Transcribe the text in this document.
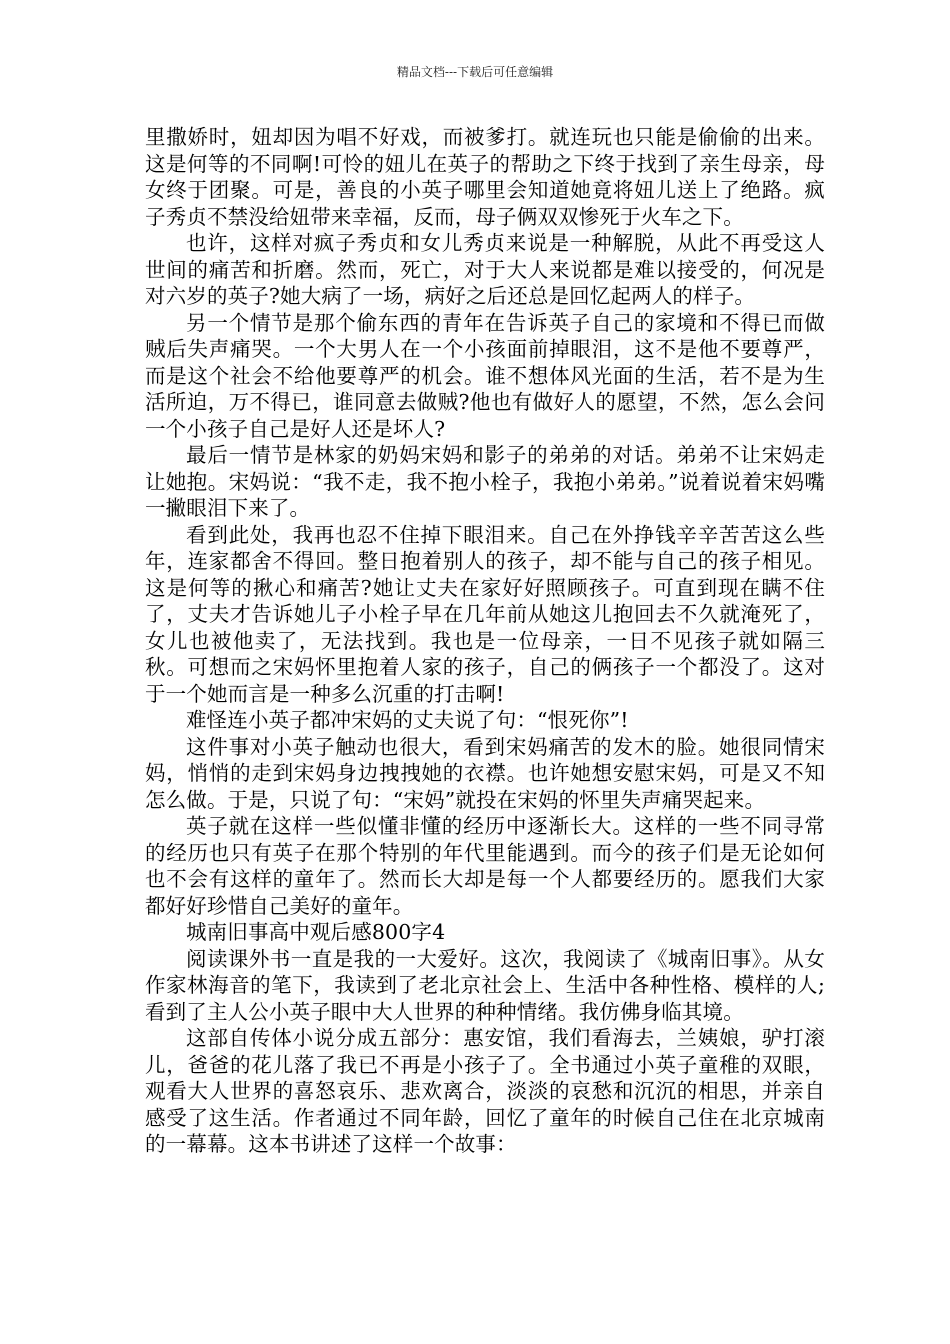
精品文档---下载后可任意编辑

里撒娇时，妞却因为唱不好戏，而被爹打。就连玩也只能是偷偷的出来。这是何等的不同啊!可怜的妞儿在英子的帮助之下终于找到了亲生母亲，母女终于团聚。可是，善良的小英子哪里会知道她竟将妞儿送上了绝路。疯子秀贞不禁没给妞带来幸福，反而，母子俩双双惨死于火车之下。

也许，这样对疯子秀贞和女儿秀贞来说是一种解脱，从此不再受这人世间的痛苦和折磨。然而，死亡，对于大人来说都是难以接受的，何况是对六岁的英子?她大病了一场，病好之后还总是回忆起两人的样子。

另一个情节是那个偷东西的青年在告诉英子自己的家境和不得已而做贼后失声痛哭。一个大男人在一个小孩面前掉眼泪，这不是他不要尊严，而是这个社会不给他要尊严的机会。谁不想体风光面的生活，若不是为生活所迫，万不得已，谁同意去做贼?他也有做好人的愿望，不然，怎么会问一个小孩子自己是好人还是坏人?

最后一情节是林家的奶妈宋妈和影子的弟弟的对话。弟弟不让宋妈走让她抱。宋妈说：“我不走，我不抱小栓子，我抱小弟弟。”说着说着宋妈嘴一撇眼泪下来了。

看到此处，我再也忍不住掉下眼泪来。自己在外挣钱辛辛苦苦这么些年，连家都舍不得回。整日抱着别人的孩子，却不能与自己的孩子相见。这是何等的揪心和痛苦?她让丈夫在家好好照顾孩子。可直到现在瞒不住了，丈夫才告诉她儿子小栓子早在几年前从她这儿抱回去不久就淹死了，女儿也被他卖了，无法找到。我也是一位母亲，一日不见孩子就如隔三秋。可想而之宋妈怀里抱着人家的孩子，自己的俩孩子一个都没了。这对于一个她而言是一种多么沉重的打击啊!

难怪连小英子都冲宋妈的丈夫说了句：“恨死你”!

这件事对小英子触动也很大，看到宋妈痛苦的发木的脸。她很同情宋妈，悄悄的走到宋妈身边拽拽她的衣襟。也许她想安慰宋妈，可是又不知怎么做。于是，只说了句：“宋妈”就投在宋妈的怀里失声痛哭起来。

英子就在这样一些似懂非懂的经历中逐渐长大。这样的一些不同寻常的经历也只有英子在那个特别的年代里能遇到。而今的孩子们是无论如何也不会有这样的童年了。然而长大却是每一个人都要经历的。愿我们大家都好好珍惜自己美好的童年。

城南旧事高中观后感800字4

阅读课外书一直是我的一大爱好。这次，我阅读了《城南旧事》。从女作家林海音的笔下，我读到了老北京社会上、生活中各种性格、模样的人;看到了主人公小英子眼中大人世界的种种情绪。我仿佛身临其境。

这部自传体小说分成五部分：惠安馆，我们看海去，兰姨娘，驴打滚儿，爸爸的花儿落了我已不再是小孩子了。全书通过小英子童稚的双眼，观看大人世界的喜怒哀乐、悲欢离合，淡淡的哀愁和沉沉的相思，并亲自感受了这生活。作者通过不同年龄，回忆了童年的时候自己住在北京城南的一幕幕。这本书讲述了这样一个故事：
